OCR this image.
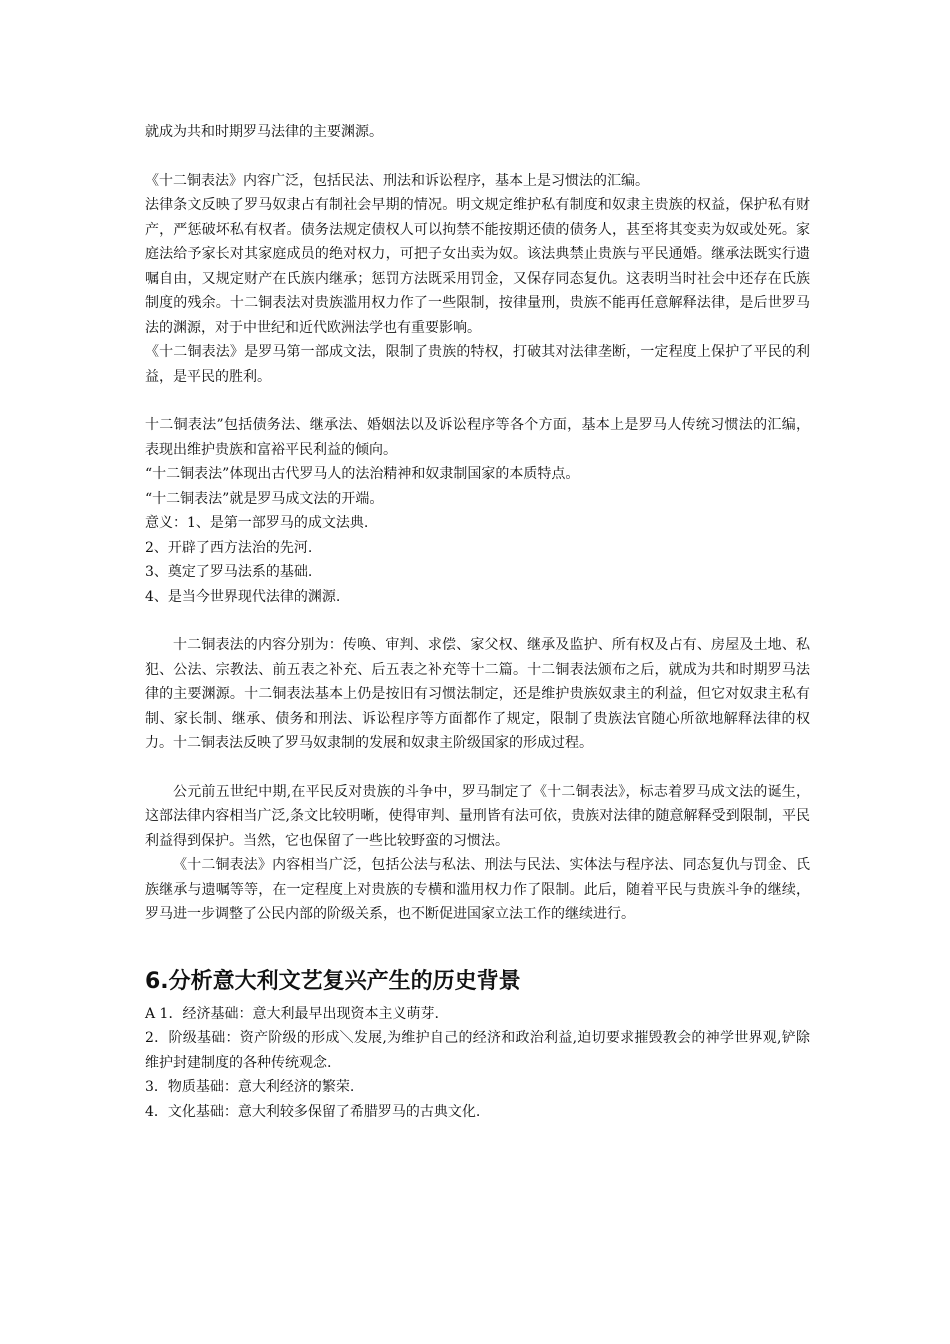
就成为共和时期罗马法律的主要渊源。

《十二铜表法》内容广泛，包括民法、刑法和诉讼程序，基本上是习惯法的汇编。

法律条文反映了罗马奴隶占有制社会早期的情况。明文规定维护私有制度和奴隶主贵族的权益，保护私有财产，严惩破坏私有权者。债务法规定债权人可以拘禁不能按期还债的债务人，甚至将其变卖为奴或处死。家庭法给予家长对其家庭成员的绝对权力，可把子女出卖为奴。该法典禁止贵族与平民通婚。继承法既实行遗嘱自由，又规定财产在氏族内继承；惩罚方法既采用罚金，又保存同态复仇。这表明当时社会中还存在氏族制度的残余。十二铜表法对贵族滥用权力作了一些限制，按律量刑，贵族不能再任意解释法律，是后世罗马法的渊源，对于中世纪和近代欧洲法学也有重要影响。

《十二铜表法》是罗马第一部成文法，限制了贵族的特权，打破其对法律垄断，一定程度上保护了平民的利益，是平民的胜利。

十二铜表法”包括债务法、继承法、婚姻法以及诉讼程序等各个方面，基本上是罗马人传统习惯法的汇编，表现出维护贵族和富裕平民利益的倾向。

“十二铜表法”体现出古代罗马人的法治精神和奴隶制国家的本质特点。

“十二铜表法”就是罗马成文法的开端。

意义：1、是第一部罗马的成文法典.

2、开辟了西方法治的先河.

3、奠定了罗马法系的基础.

4、是当今世界现代法律的渊源.

十二铜表法的内容分别为：传唤、审判、求偿、家父权、继承及监护、所有权及占有、房屋及土地、私犯、公法、宗教法、前五表之补充、后五表之补充等十二篇。十二铜表法颁布之后，就成为共和时期罗马法律的主要渊源。十二铜表法基本上仍是按旧有习惯法制定，还是维护贵族奴隶主的利益，但它对奴隶主私有制、家长制、继承、债务和刑法、诉讼程序等方面都作了规定，限制了贵族法官随心所欲地解释法律的权力。十二铜表法反映了罗马奴隶制的发展和奴隶主阶级国家的形成过程。

公元前五世纪中期,在平民反对贵族的斗争中，罗马制定了《十二铜表法》，标志着罗马成文法的诞生，这部法律内容相当广泛,条文比较明晰，使得审判、量刑皆有法可依，贵族对法律的随意解释受到限制，平民利益得到保护。当然，它也保留了一些比较野蛮的习惯法。

《十二铜表法》内容相当广泛，包括公法与私法、刑法与民法、实体法与程序法、同态复仇与罚金、氏族继承与遗嘱等等，在一定程度上对贵族的专横和滥用权力作了限制。此后，随着平民与贵族斗争的继续，罗马进一步调整了公民内部的阶级关系，也不断促进国家立法工作的继续进行。

6.分析意大利文艺复兴产生的历史背景

A 1．经济基础：意大利最早出现资本主义萌芽.

2．阶级基础：资产阶级的形成＼发展,为维护自己的经济和政治利益,迫切要求摧毁教会的神学世界观,铲除维护封建制度的各种传统观念.

3．物质基础：意大利经济的繁荣.

4．文化基础：意大利较多保留了希腊罗马的古典文化.
